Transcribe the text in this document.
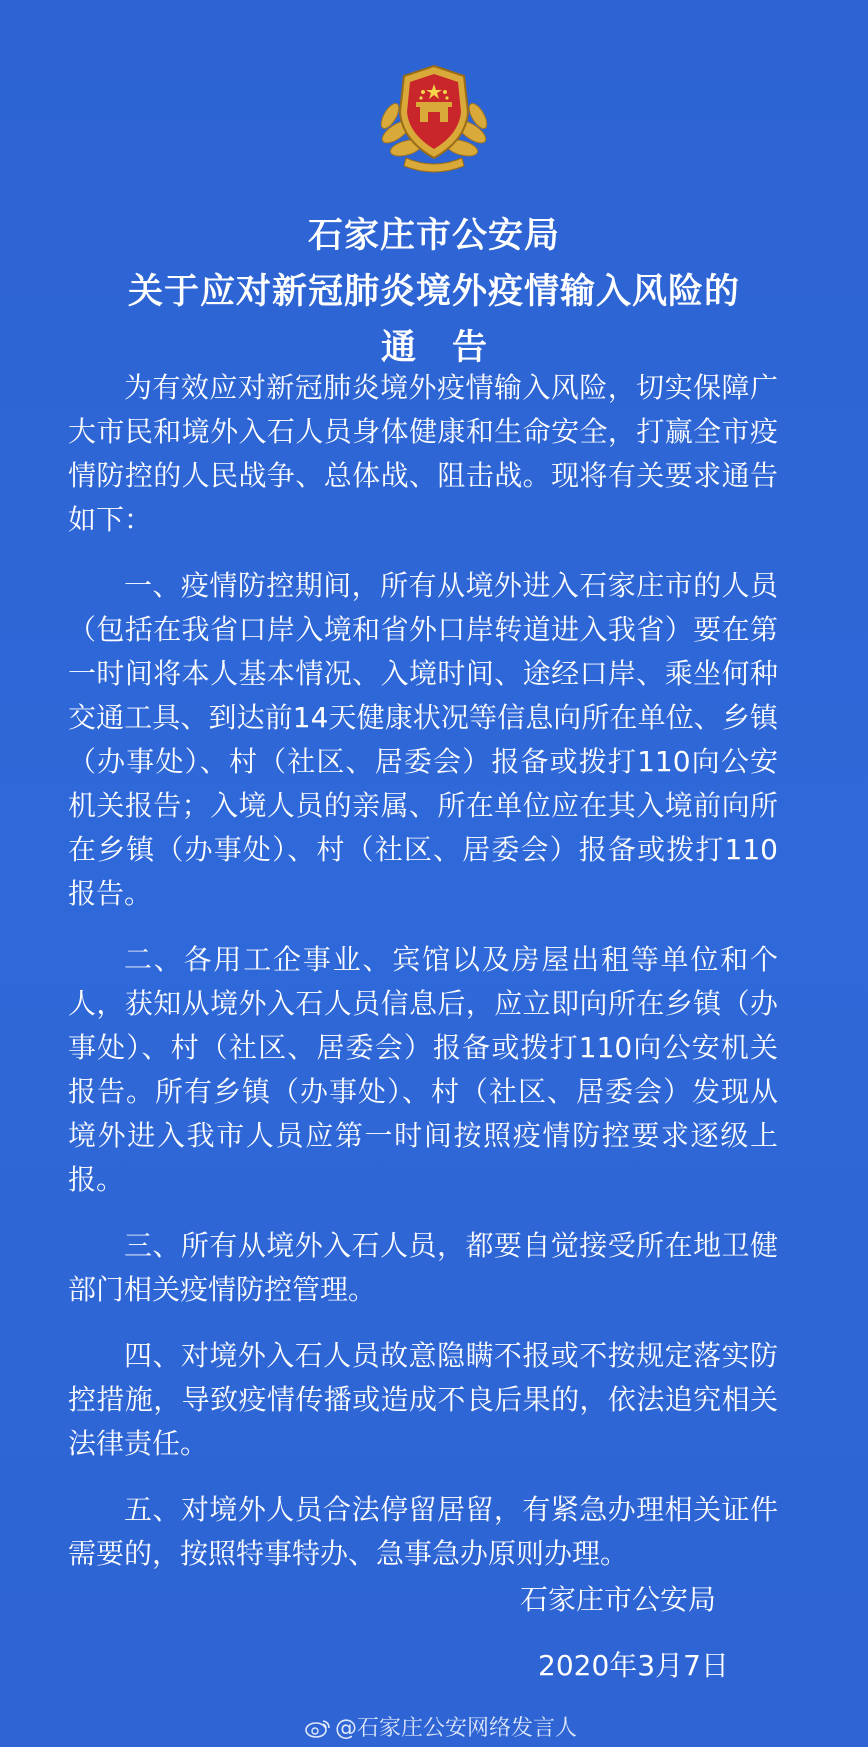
石家庄市公安局
关于应对新冠肺炎境外疫情输入风险的
通告

为有效应对新冠肺炎境外疫情输入风险，切实保障广大市民和境外入石人员身体健康和生命安全，打赢全市疫情防控的人民战争、总体战、阻击战。现将有关要求通告如下：

一、疫情防控期间，所有从境外进入石家庄市的人员（包括在我省口岸入境和省外口岸转道进入我省）要在第一时间将本人基本情况、入境时间、途经口岸、乘坐何种交通工具、到达前14天健康状况等信息向所在单位、乡镇（办事处）、村（社区、居委会）报备或拨打110向公安机关报告；入境人员的亲属、所在单位应在其入境前向所在乡镇（办事处）、村（社区、居委会）报备或拨打110报告。

二、各用工企事业、宾馆以及房屋出租等单位和个人，获知从境外入石人员信息后，应立即向所在乡镇（办事处）、村（社区、居委会）报备或拨打110向公安机关报告。所有乡镇（办事处）、村（社区、居委会）发现从境外进入我市人员应第一时间按照疫情防控要求逐级上报。

三、所有从境外入石人员，都要自觉接受所在地卫健部门相关疫情防控管理。

四、对境外入石人员故意隐瞒不报或不按规定落实防控措施，导致疫情传播或造成不良后果的，依法追究相关法律责任。

五、对境外人员合法停留居留，有紧急办理相关证件需要的，按照特事特办、急事急办原则办理。

石家庄市公安局
2020年3月7日
@石家庄公安网络发言人
